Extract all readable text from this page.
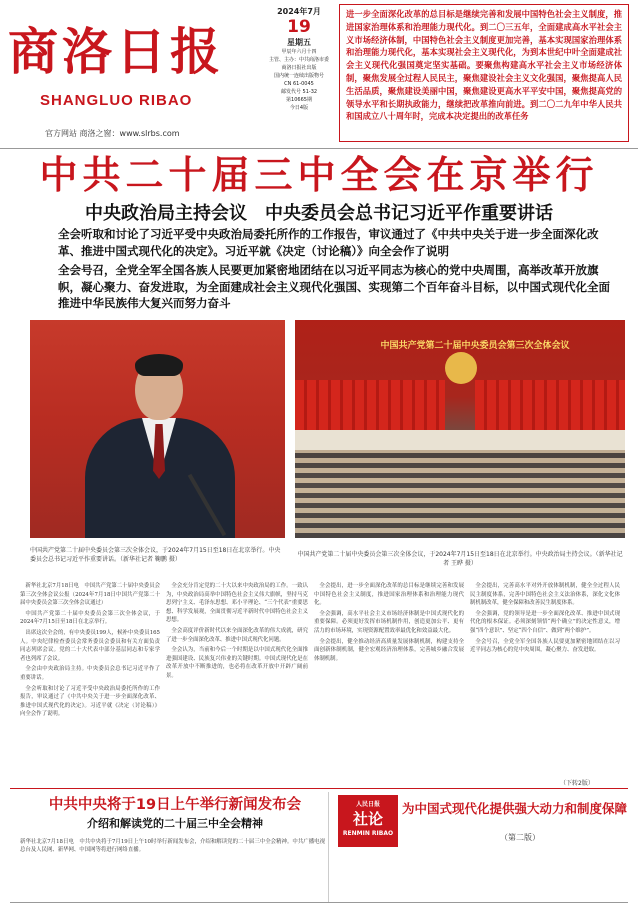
商洛日报
SHANGLUO RIBAO
官方网站 商洛之窗：www.slrbs.com
2024年7月
19
星期五
甲辰年六月十四
主管、主办：中共商洛市委
商洛日报社出版
国内统一连续出版物号
CN 61-0045
邮发代号 51-32
第10665期
今日4版
进一步全面深化改革的总目标是继续完善和发展中国特色社会主义制度，推进国家治理体系和治理能力现代化。到二〇三五年，全面建成高水平社会主义市场经济体制，中国特色社会主义制度更加完善，基本实现国家治理体系和治理能力现代化，基本实现社会主义现代化，为到本世纪中叶全面建成社会主义现代化强国奠定坚实基础。要聚焦构建高水平社会主义市场经济体制，聚焦发展全过程人民民主，聚焦建设社会主义文化强国，聚焦提高人民生活品质，聚焦建设美丽中国，聚焦建设更高水平平安中国，聚焦提高党的领导水平和长期执政能力，继续把改革推向前进。到二〇二九年中华人民共和国成立八十周年时，完成本决定提出的改革任务
中共二十届三中全会在京举行
中央政治局主持会议　中央委员会总书记习近平作重要讲话
全会听取和讨论了习近平受中央政治局委托所作的工作报告，审议通过了《中共中央关于进一步全面深化改革、推进中国式现代化的决定》。习近平就《决定（讨论稿）》向全会作了说明
全会号召，全党全军全国各族人民要更加紧密地团结在以习近平同志为核心的党中央周围，高举改革开放旗帜，凝心聚力、奋发进取，为全面建成社会主义现代化强国、实现第二个百年奋斗目标，以中国式现代化全面推进中华民族伟大复兴而努力奋斗
中国共产党第二十届中央委员会第三次全体会议
中国共产党第二十届中央委员会第三次全体会议，于2024年7月15日至18日在北京举行。中央委员会总书记习近平作重要讲话。（新华社记者 鞠鹏 摄）
中国共产党第二十届中央委员会第三次全体会议，于2024年7月15日至18日在北京举行。中央政治局主持会议。（新华社记者 王晔 摄）

新华社北京7月18日电　中国共产党第二十届中央委员会第三次全体会议公报（2024年7月18日中国共产党第二十届中央委员会第三次全体会议通过）

中国共产党第二十届中央委员会第三次全体会议，于2024年7月15日至18日在北京举行。

出席这次全会的，有中央委员199人，候补中央委员165人。中央纪律检查委员会常务委员会委员和有关方面负责同志列席会议。党的二十大代表中部分基层同志和专家学者也列席了会议。

全会由中央政治局主持。中央委员会总书记习近平作了重要讲话。

全会听取和讨论了习近平受中央政治局委托所作的工作报告，审议通过了《中共中央关于进一步全面深化改革、推进中国式现代化的决定》。习近平就《决定（讨论稿）》向全会作了说明。

全会充分肯定党的二十大以来中央政治局的工作。一致认为，中央政治局高举中国特色社会主义伟大旗帜，坚持马克思列宁主义、毛泽东思想、邓小平理论、“三个代表”重要思想、科学发展观，全面贯彻习近平新时代中国特色社会主义思想。

全会高度评价新时代以来全面深化改革的伟大成就，研究了进一步全面深化改革、推进中国式现代化问题。

全会认为，当前和今后一个时期是以中国式现代化全面推进强国建设、民族复兴伟业的关键时期。中国式现代化是在改革开放中不断推进的，也必将在改革开放中开辟广阔前景。

全会提出，进一步全面深化改革的总目标是继续完善和发展中国特色社会主义制度，推进国家治理体系和治理能力现代化。

全会强调，高水平社会主义市场经济体制是中国式现代化的重要保障。必须更好发挥市场机制作用，创造更加公平、更有活力的市场环境，实现资源配置效率最优化和效益最大化。

全会提出，健全推动经济高质量发展体制机制，构建支持全面创新体制机制，健全宏观经济治理体系，完善城乡融合发展体制机制。

全会提出，完善高水平对外开放体制机制，健全全过程人民民主制度体系，完善中国特色社会主义法治体系，深化文化体制机制改革，健全保障和改善民生制度体系。

全会强调，党的领导是进一步全面深化改革、推进中国式现代化的根本保证。必须深刻领悟“两个确立”的决定性意义，增强“四个意识”、坚定“四个自信”、做到“两个维护”。

全会号召，全党全军全国各族人民要更加紧密地团结在以习近平同志为核心的党中央周围，凝心聚力、奋发进取。

（下转2版）
中共中央将于19日上午举行新闻发布会
介绍和解读党的二十届三中全会精神
新华社北京7月18日电　中共中央将于7月19日上午10时举行新闻发布会，介绍和解读党的二十届三中全会精神。中共广播电视总台及人民网、新华网、中国网等将进行网络直播。
人民日报
社论
RENMIN RIBAO
为中国式现代化提供强大动力和制度保障
（第二版）
